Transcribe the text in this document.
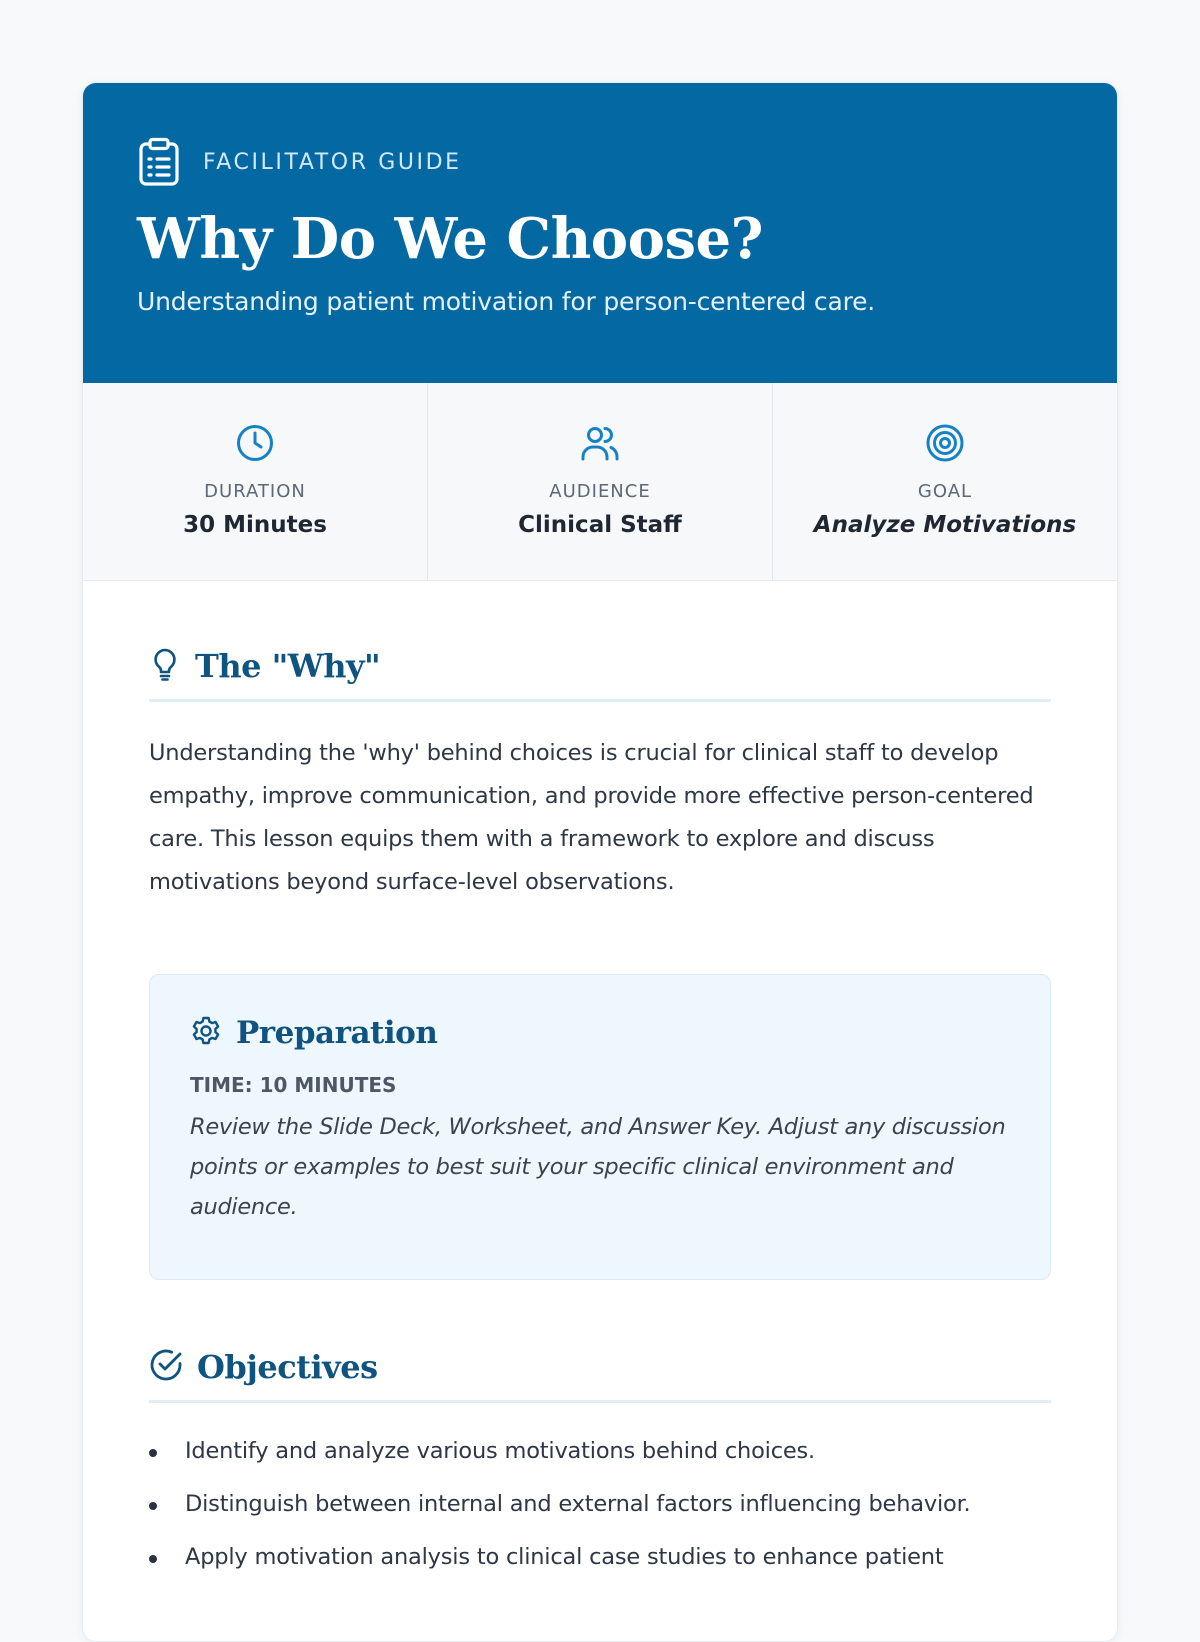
FACILITATOR GUIDE
Why Do We Choose?

Understanding patient motivation for person-centered care.

DURATION
30 Minutes
AUDIENCE
Clinical Staff
GOAL
Analyze Motivations
The "Why"

Understanding the 'why' behind choices is crucial for clinical staff to develop empathy, improve communication, and provide more effective person-centered care. This lesson equips them with a framework to explore and discuss motivations beyond surface-level observations.

Preparation
TIME: 10 MINUTES

Review the Slide Deck, Worksheet, and Answer Key. Adjust any discussion points or examples to best suit your specific clinical environment and audience.

Objectives
Identify and analyze various motivations behind choices.
Distinguish between internal and external factors influencing behavior.
Apply motivation analysis to clinical case studies to enhance patient
